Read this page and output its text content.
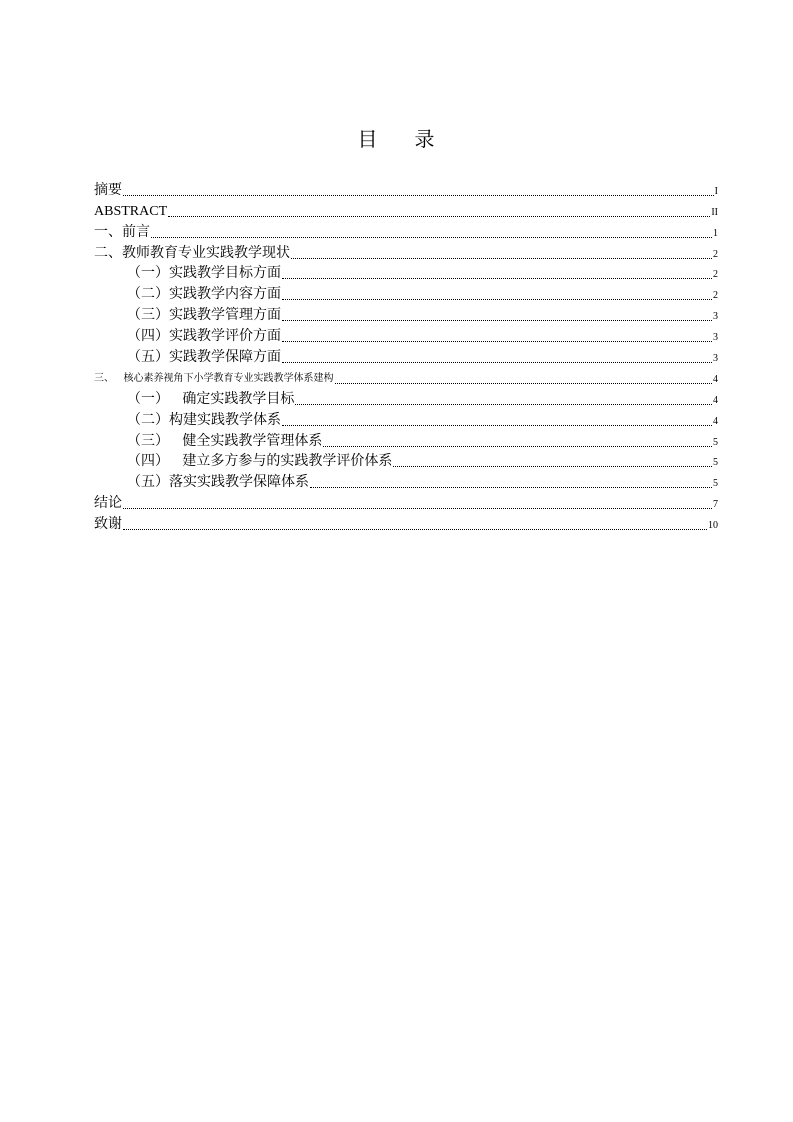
目 录
摘要	I
ABSTRACT	II
一、前言	1
二、教师教育专业实践教学现状	2
（一）实践教学目标方面	2
（二）实践教学内容方面	2
（三）实践教学管理方面	3
（四）实践教学评价方面	3
（五）实践教学保障方面	3
三、   核心素养视角下小学教育专业实践教学体系建构	4
（一）   确定实践教学目标	4
（二）构建实践教学体系	4
（三）   健全实践教学管理体系	5
（四）   建立多方参与的实践教学评价体系	5
（五）落实实践教学保障体系	5
结论	7
致谢	10
